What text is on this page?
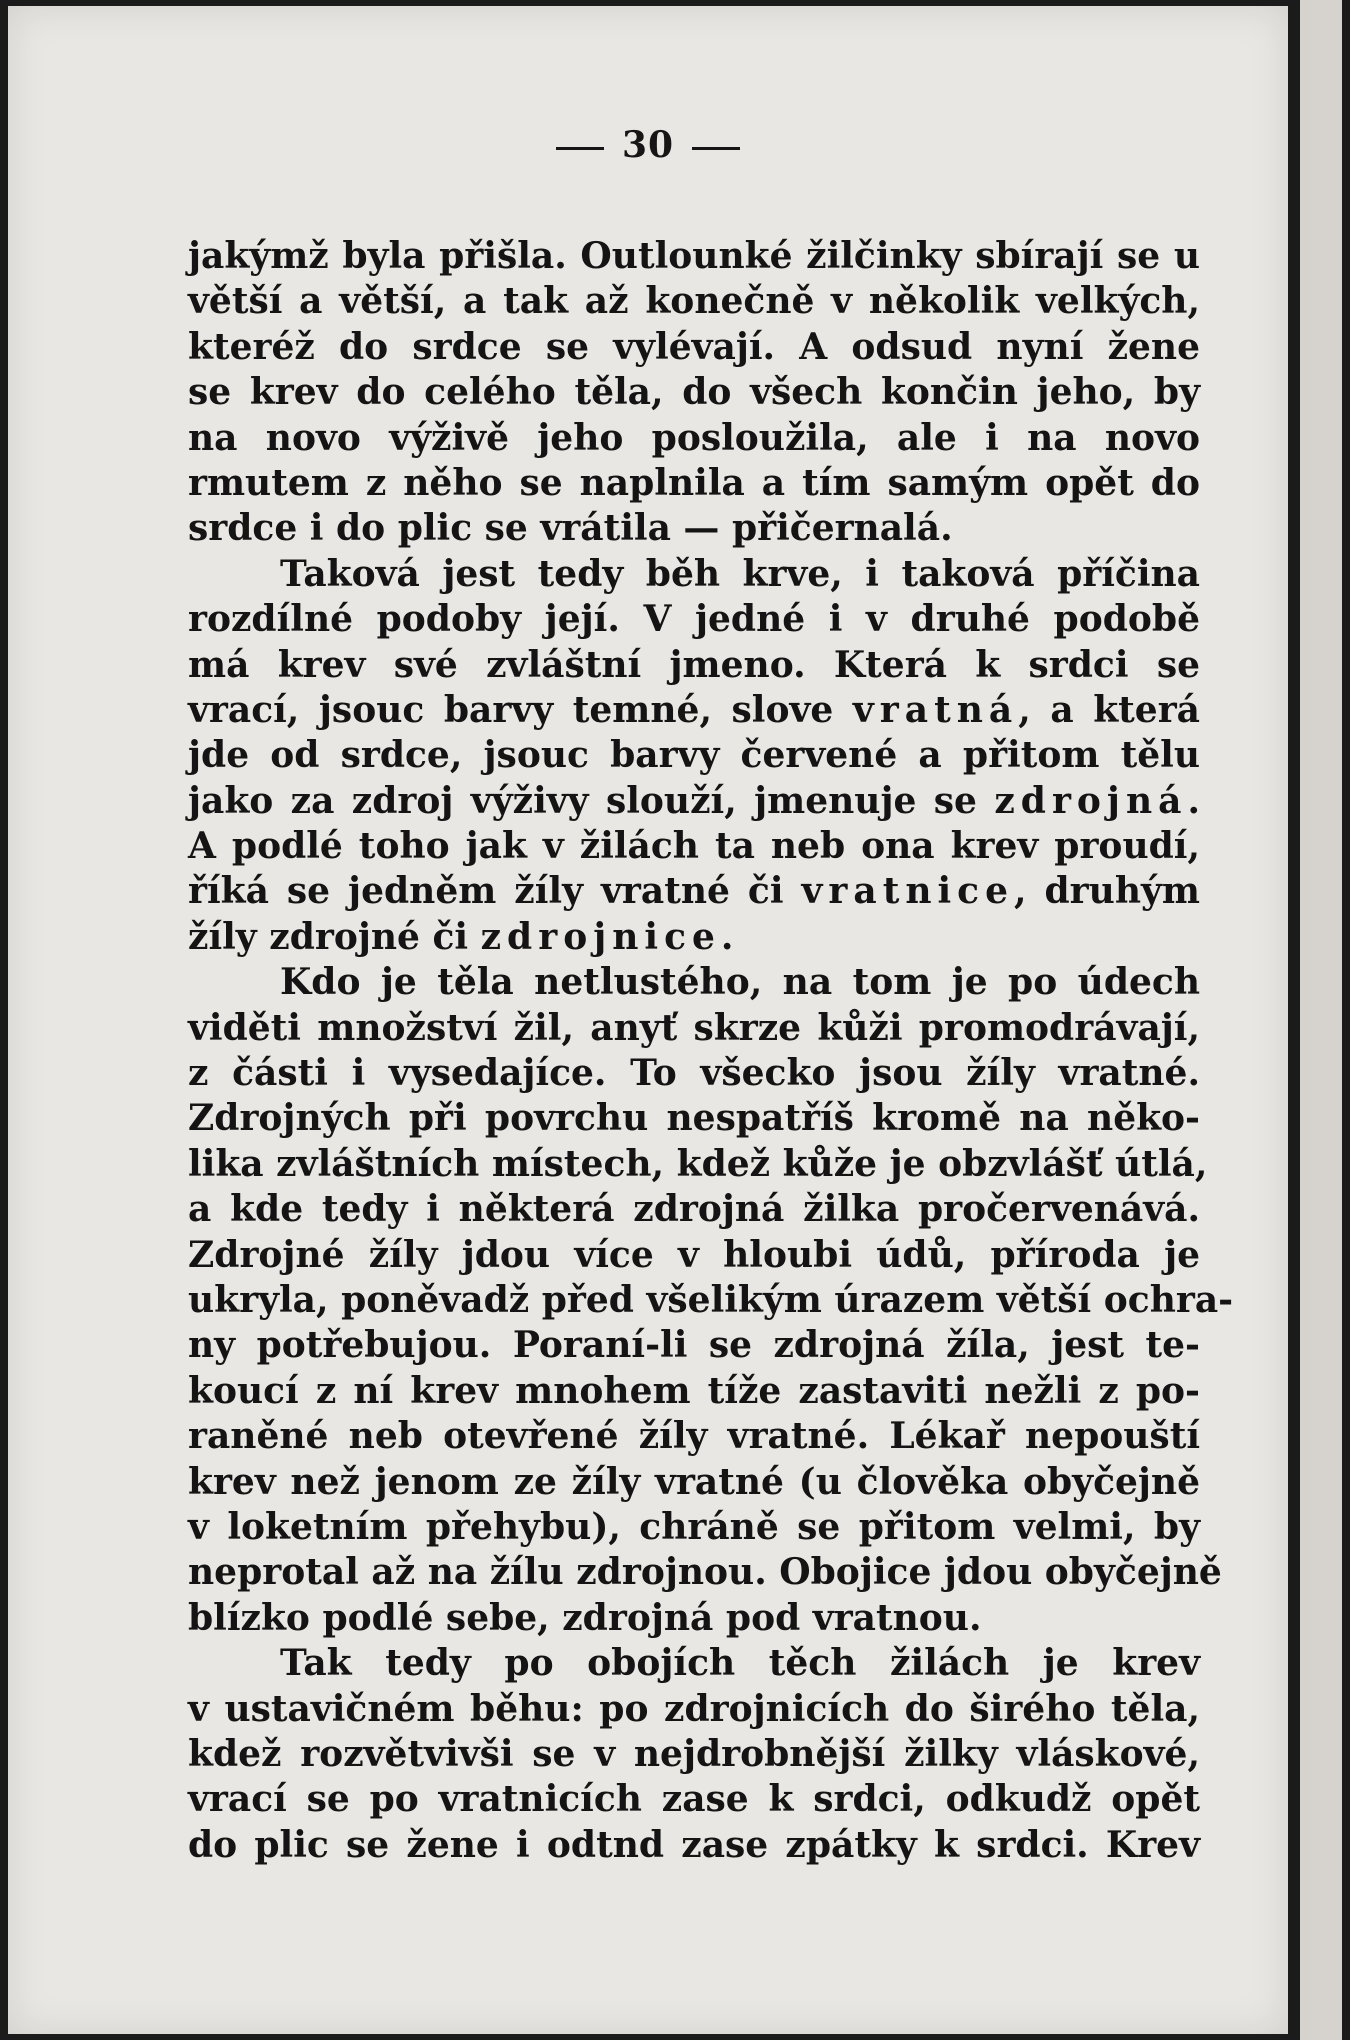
30
jakýmž byla přišla. Outlounké žilčinky sbírají se u
větší a větší, a tak až konečně v několik velkých,
kteréž do srdce se vylévají. A odsud nyní žene
se krev do celého těla, do všech končin jeho, by
na novo výživě jeho posloužila, ale i na novo
rmutem z něho se naplnila a tím samým opět do
srdce i do plic se vrátila — přičernalá.
Taková jest tedy běh krve, i taková příčina
rozdílné podoby její. V jedné i v druhé podobě
má krev své zvláštní jmeno. Která k srdci se
vrací, jsouc barvy temné, slove vratná, a která
jde od srdce, jsouc barvy červené a přitom tělu
jako za zdroj výživy slouží, jmenuje se zdrojná.
A podlé toho jak v žilách ta neb ona krev proudí,
říká se jedněm žíly vratné či vratnice, druhým
žíly zdrojné či zdrojnice.
Kdo je těla netlustého, na tom je po údech
viděti množství žil, anyť skrze kůži promodrávají,
z části i vysedajíce. To všecko jsou žíly vratné.
Zdrojných při povrchu nespatříš kromě na něko-
lika zvláštních místech, kdež kůže je obzvlášť útlá,
a kde tedy i některá zdrojná žilka pročervenává.
Zdrojné žíly jdou více v hloubi údů, příroda je
ukryla, poněvadž před všelikým úrazem větší ochra-
ny potřebujou. Poraní-li se zdrojná žíla, jest te-
koucí z ní krev mnohem tíže zastaviti nežli z po-
raněné neb otevřené žíly vratné. Lékař nepouští
krev než jenom ze žíly vratné (u člověka obyčejně
v loketním přehybu), chráně se přitom velmi, by
neprotal až na žílu zdrojnou. Obojice jdou obyčejně
blízko podlé sebe, zdrojná pod vratnou.
Tak tedy po obojích těch žilách je krev
v ustavičném běhu: po zdrojnicích do širého těla,
kdež rozvětvivši se v nejdrobnější žilky vláskové,
vrací se po vratnicích zase k srdci, odkudž opět
do plic se žene i odtnd zase zpátky k srdci. Krev
